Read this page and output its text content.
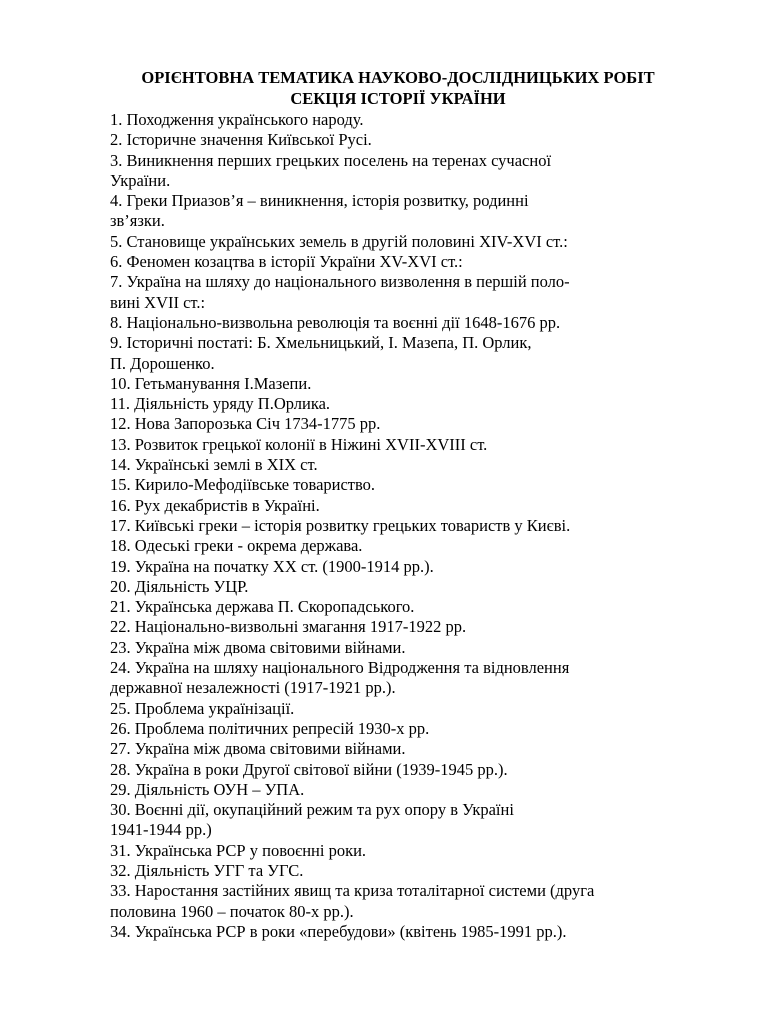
ОРІЄНТОВНА ТЕМАТИКА НАУКОВО-ДОСЛІДНИЦЬКИХ РОБІТ
СЕКЦІЯ ІСТОРІЇ УКРАЇНИ
1. Походження українського народу.
2. Історичне значення Київської Русі.
3. Виникнення перших грецьких поселень на теренах сучасної
України.
4. Греки Приазов’я – виникнення, історія розвитку, родинні
зв’язки.
5. Становище українських земель в другій половині XIV-XVI ст.:
6. Феномен козацтва в історії України XV-XVI ст.:
7. Україна на шляху до національного визволення в першій поло-
вині XVII ст.:
8. Національно-визвольна революція та воєнні дії 1648-1676 рр.
9. Історичні постаті: Б. Хмельницький, І. Мазепа, П. Орлик,
П. Дорошенко.
10. Гетьманування І.Мазепи.
11. Діяльність уряду П.Орлика.
12. Нова Запорозька Січ 1734-1775 рр.
13. Розвиток грецької колонії в Ніжині XVII-XVIII ст.
14. Українські землі в XIX ст.
15. Кирило-Мефодіївське товариство.
16. Рух декабристів в Україні.
17. Київські греки – історія розвитку грецьких товариств у Києві.
18. Одеські греки - окрема держава.
19. Україна на початку XX ст. (1900-1914 рр.).
20. Діяльність УЦР.
21. Українська держава П. Скоропадського.
22. Національно-визвольні змагання 1917-1922 рр.
23. Україна між двома світовими війнами.
24. Україна на шляху національного Відродження та відновлення
державної незалежності (1917-1921 рр.).
25. Проблема українізації.
26. Проблема політичних репресій 1930-х рр.
27. Україна між двома світовими війнами.
28. Україна в роки Другої світової війни (1939-1945 рр.).
29. Діяльність ОУН – УПА.
30. Воєнні дії, окупаційний режим та рух опору в Україні
1941-1944 рр.)
31. Українська РСР у повоєнні роки.
32. Діяльність УГГ та УГС.
33. Наростання застійних явищ та криза тоталітарної системи (друга
половина 1960 – початок 80-х рр.).
34. Українська РСР в роки «перебудови» (квітень 1985-1991 рр.).
